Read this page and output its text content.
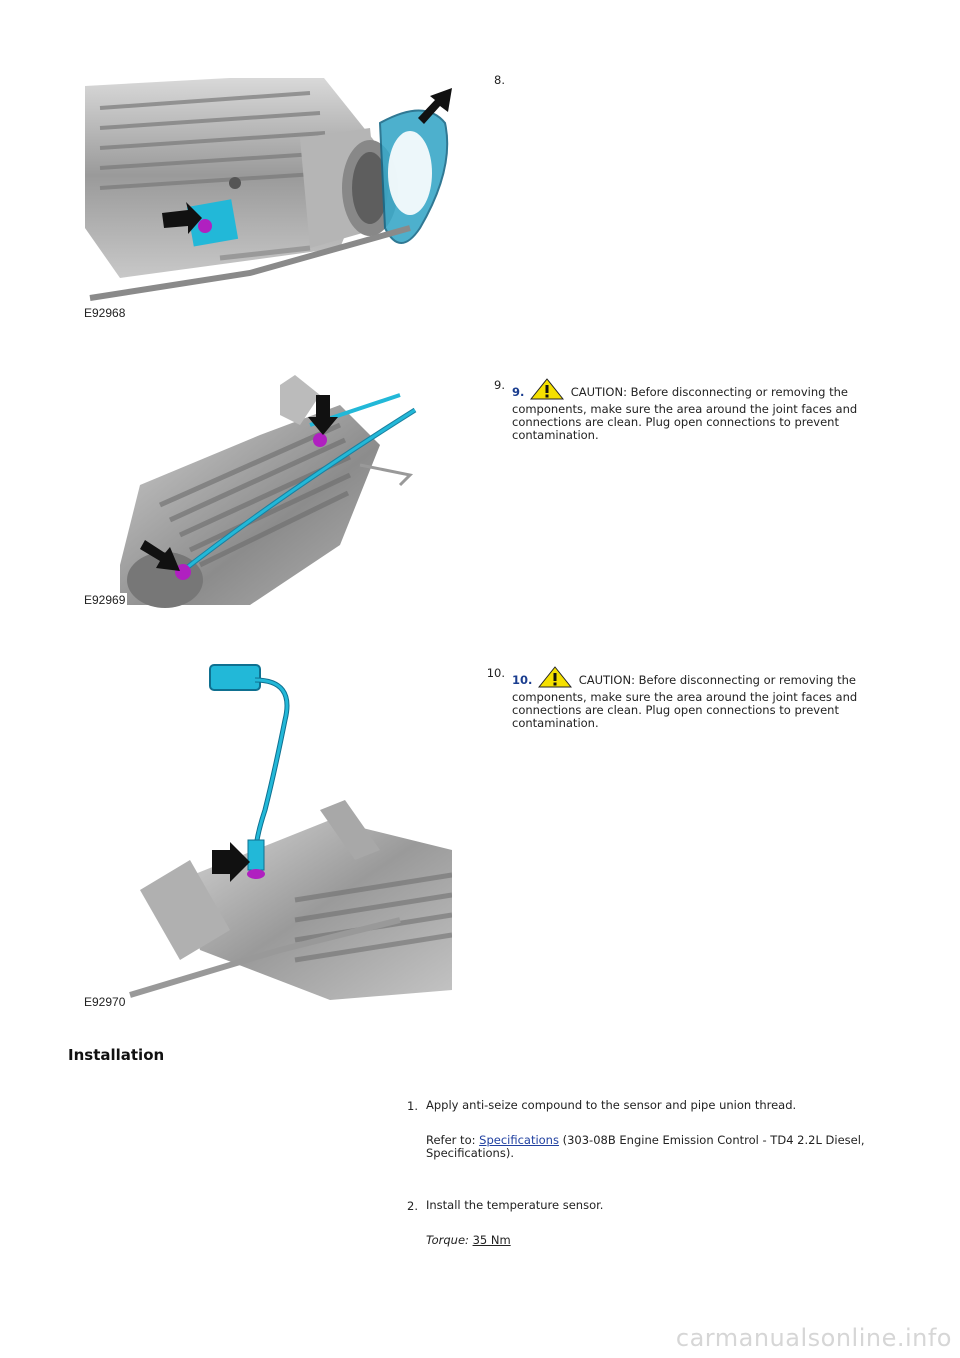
E92968
8.
E92969
9. 9.	CAUTION: Before disconnecting or removing the components, make sure the area around the joint faces and connections are clean. Plug open connections to prevent contamination.
E92970
10. 10.	CAUTION: Before disconnecting or removing the components, make sure the area around the joint faces and connections are clean. Plug open connections to prevent contamination.
Installation
1. Apply anti-seize compound to the sensor and pipe union thread.
Refer to: Specifications (303-08B Engine Emission Control - TD4 2.2L Diesel, Specifications).
2. Install the temperature sensor.
Torque: 35 Nm
carmanualsonline.info
